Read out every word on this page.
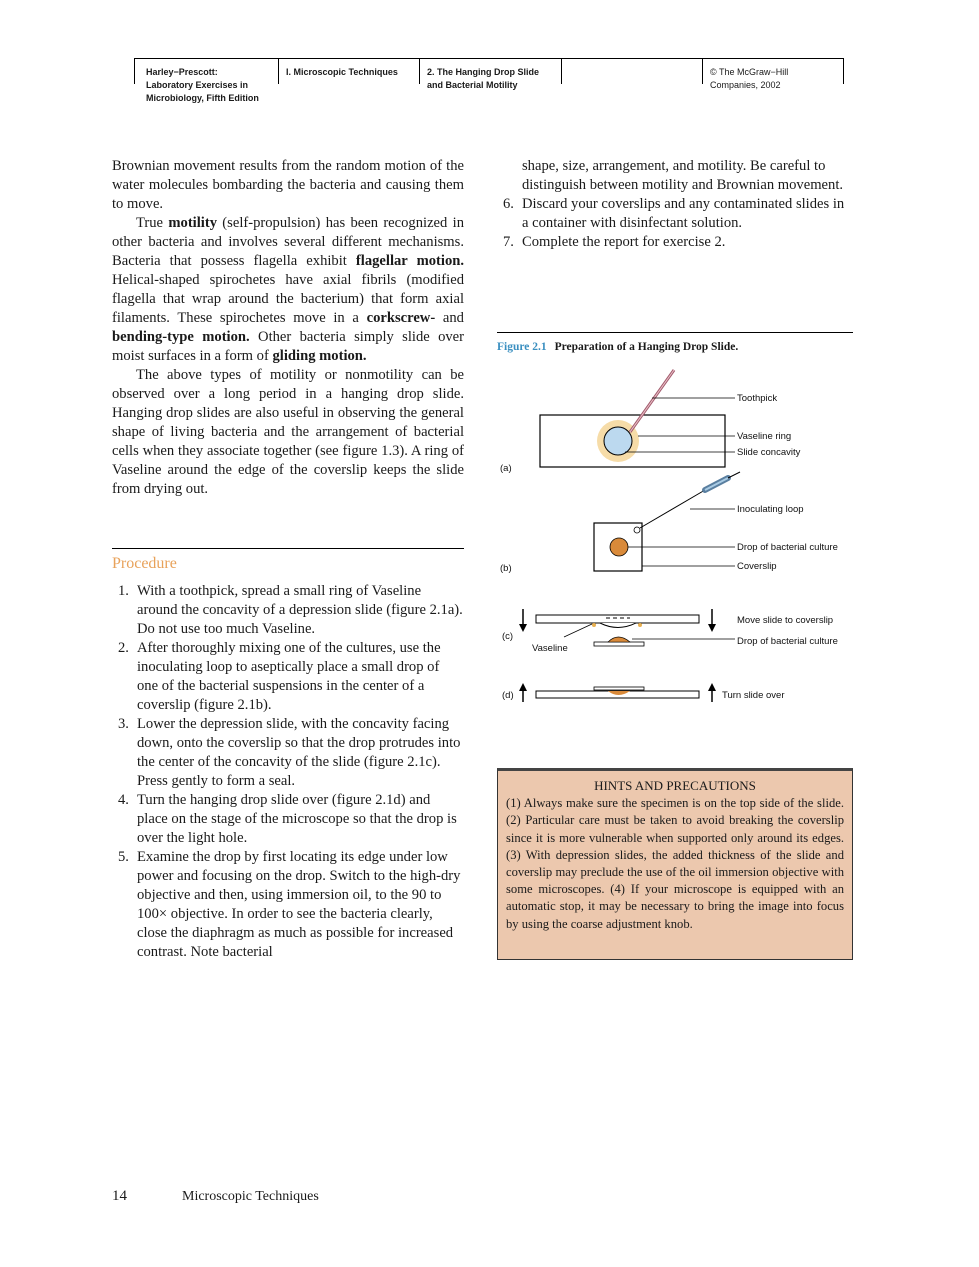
Harley−Prescott:
Laboratory Exercises in
Microbiology, Fifth Edition
I. Microscopic Techniques	2. The Hanging Drop Slide
and Bacterial Motility
© The McGraw−Hill
Companies, 2002

Brownian movement results from the random motion of the water molecules bombarding the bacteria and causing them to move.

True motility (self-propulsion) has been recognized in other bacteria and involves several different mechanisms. Bacteria that possess flagella exhibit flagellar motion. Helical-shaped spirochetes have axial fibrils (modified flagella that wrap around the bacterium) that form axial filaments. These spirochetes move in a corkscrew- and bending-type motion. Other bacteria simply slide over moist surfaces in a form of gliding motion.

The above types of motility or nonmotility can be observed over a long period in a hanging drop slide. Hanging drop slides are also useful in observing the general shape of living bacteria and the arrangement of bacterial cells when they associate together (see figure 1.3). A ring of Vaseline around the edge of the coverslip keeps the slide from drying out.

Procedure
1. With a toothpick, spread a small ring of Vaseline around the concavity of a depression slide (figure 2.1a). Do not use too much Vaseline.
2. After thoroughly mixing one of the cultures, use the inoculating loop to aseptically place a small drop of one of the bacterial suspensions in the center of a coverslip (figure 2.1b).
3. Lower the depression slide, with the concavity facing down, onto the coverslip so that the drop protrudes into the center of the concavity of the slide (figure 2.1c). Press gently to form a seal.
4. Turn the hanging drop slide over (figure 2.1d) and place on the stage of the microscope so that the drop is over the light hole.
5. Examine the drop by first locating its edge under low power and focusing on the drop. Switch to the high-dry objective and then, using immersion oil, to the 90 to 100× objective. In order to see the bacteria clearly, close the diaphragm as much as possible for increased contrast. Note bacterial
shape, size, arrangement, and motility. Be careful to distinguish between motility and Brownian movement.
6. Discard your coverslips and any contaminated slides in a container with disinfectant solution.
7. Complete the report for exercise 2.
Figure 2.1 Preparation of a Hanging Drop Slide.
Toothpick
Vaseline ring
Slide concavity
(a)
Inoculating loop
Drop of bacterial culture
Coverslip
(b)
Move slide to coverslip
(c)
Vaseline
Drop of bacterial culture
(d)	Turn slide over
HINTS AND PRECAUTIONS
(1) Always make sure the specimen is on the top side of the slide. (2) Particular care must be taken to avoid breaking the coverslip since it is more vulnerable when supported only around its edges. (3) With depression slides, the added thickness of the slide and coverslip may preclude the use of the oil immersion objective with some microscopes. (4) If your microscope is equipped with an automatic stop, it may be necessary to bring the image into focus by using the coarse adjustment knob.
14	Microscopic Techniques
